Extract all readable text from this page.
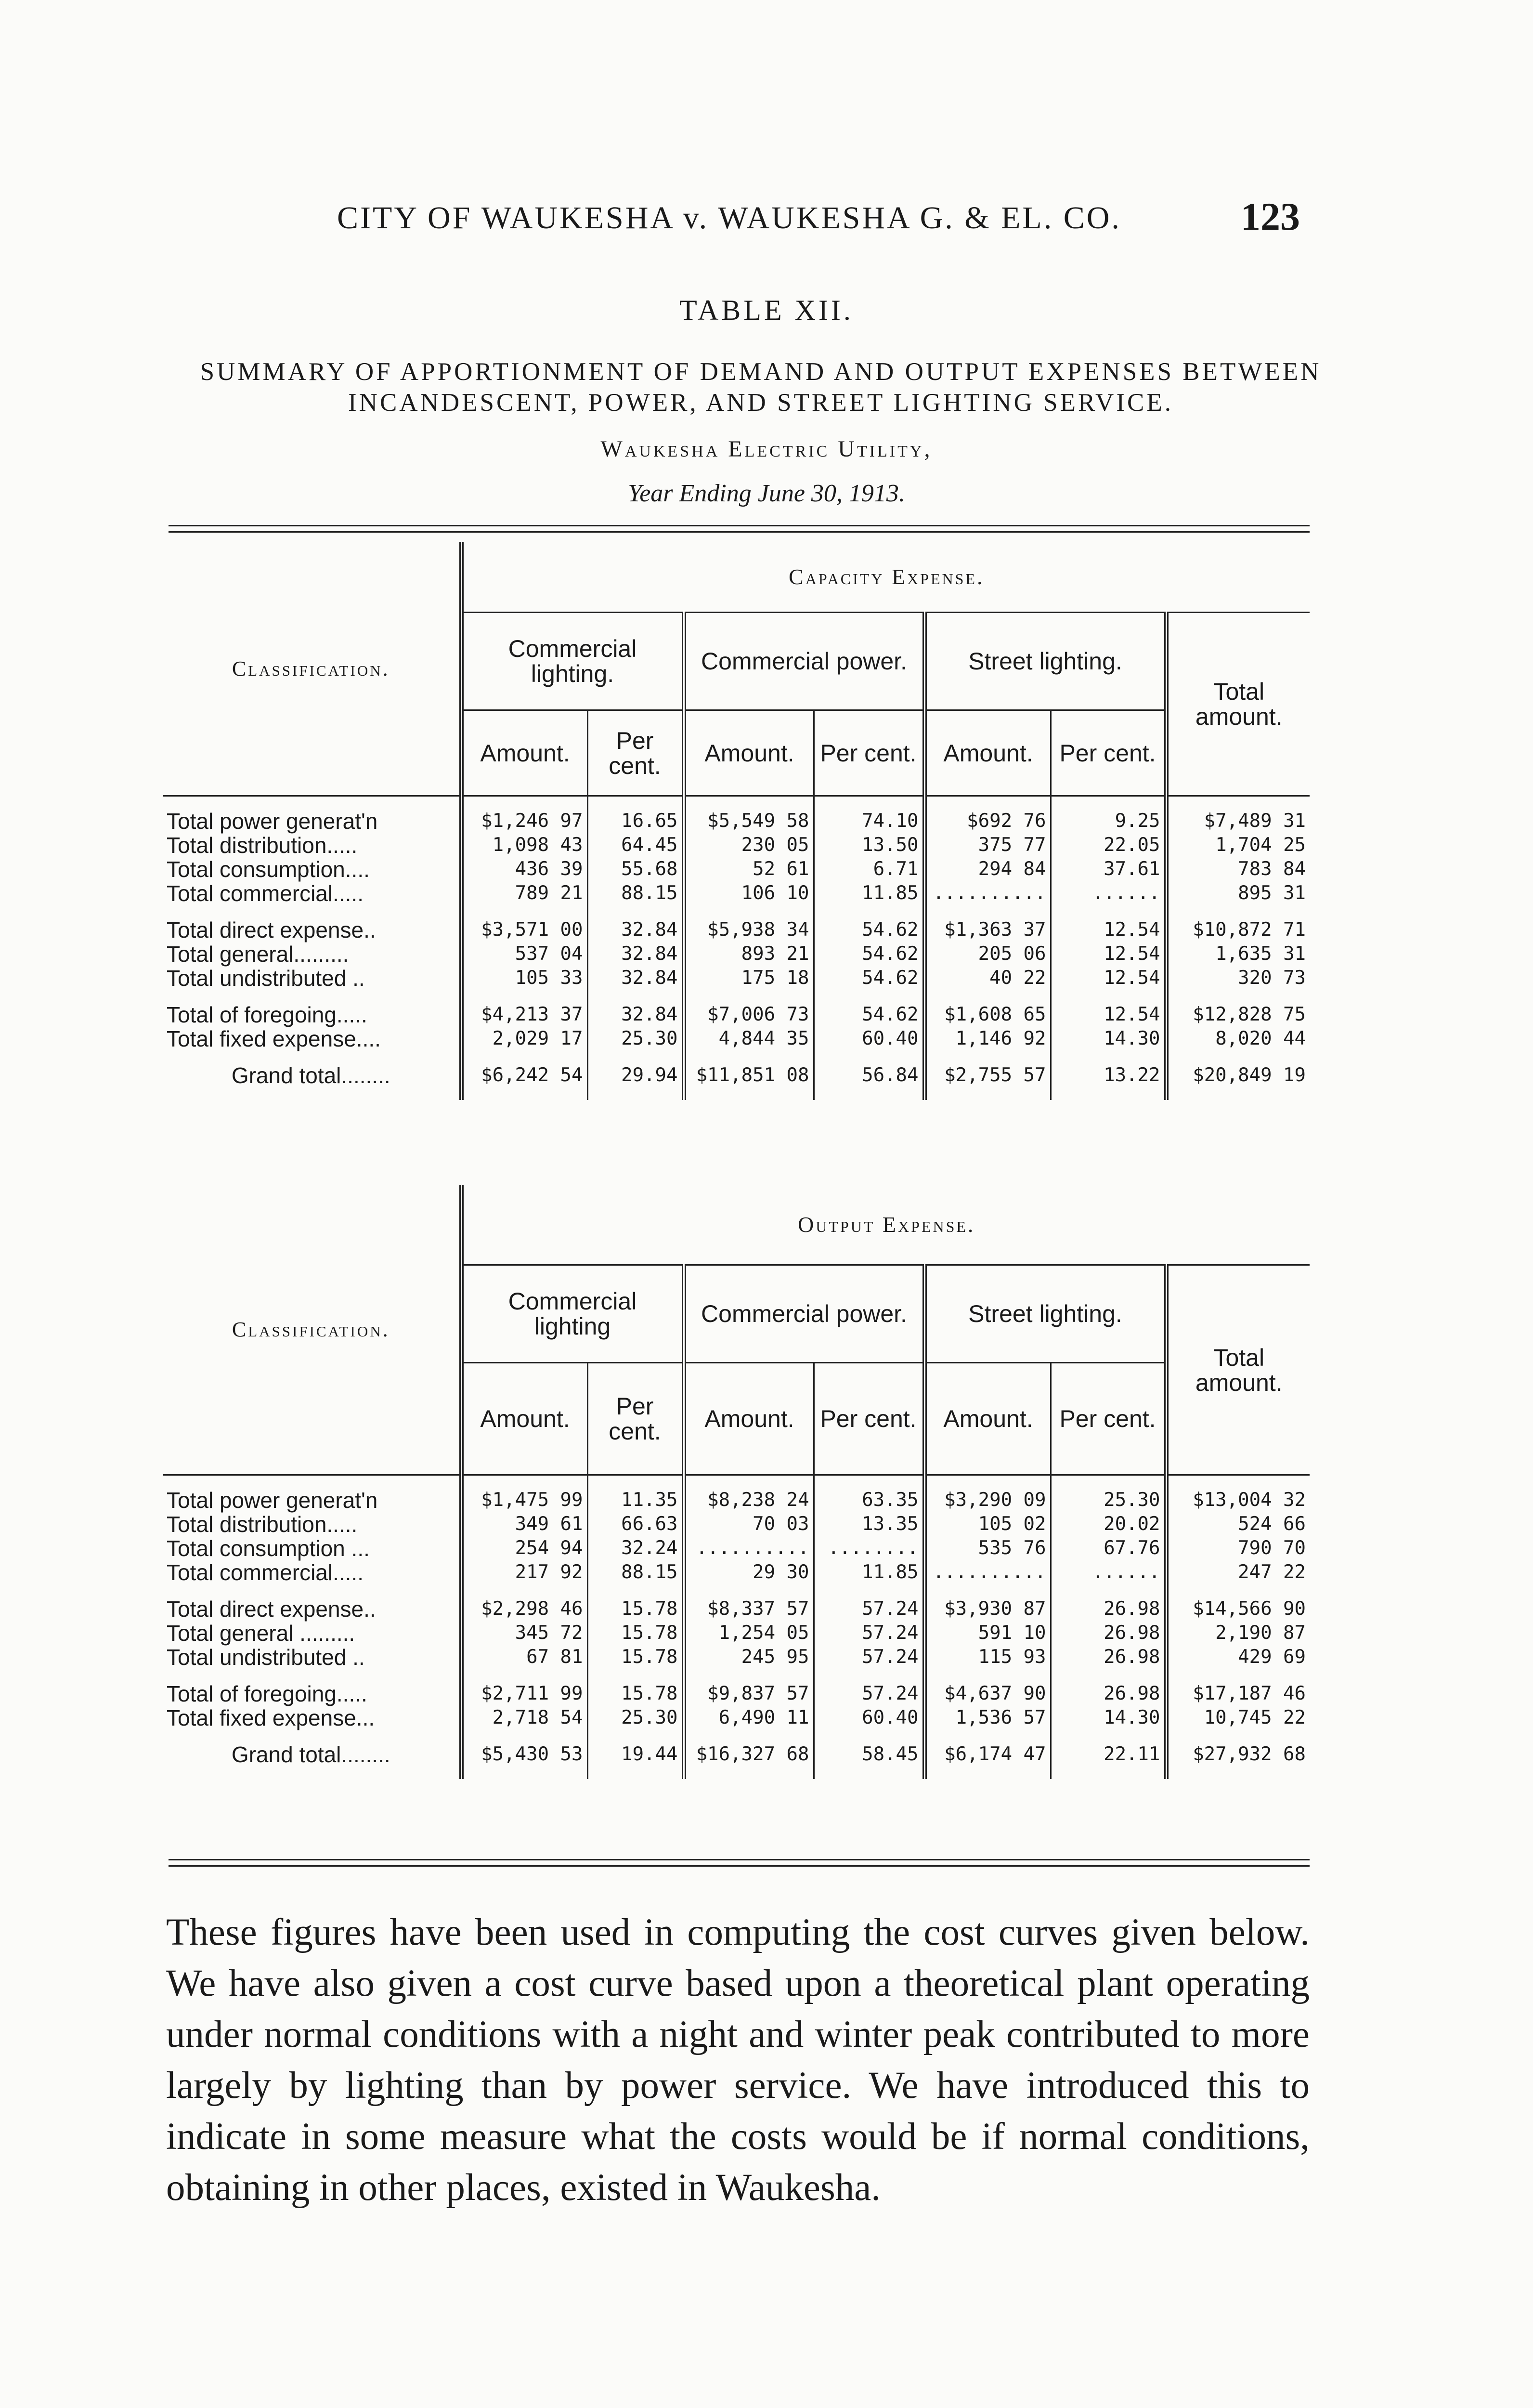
CITY OF WAUKESHA v. WAUKESHA G. & EL. CO.	123
TABLE XII.
SUMMARY OF APPORTIONMENT OF DEMAND AND OUTPUT EXPENSES BETWEEN INCANDESCENT, POWER, AND STREET LIGHTING SERVICE.
Waukesha Electric Utility,
Year Ending June 30, 1913.
Classification.	Capacity Expense.						
	Commercial lighting.		Commercial power.		Street lighting.		Total amount.
	Amount.	Per cent.	Amount.	Per cent.	Amount.	Per cent.	

Total power generat'n	$1,246 97	16.65	$5,549 58	74.10	$692 76	9.25	$7,489 31
Total distribution.....	1,098 43	64.45	230 05	13.50	375 77	22.05	1,704 25
Total consumption....	436 39	55.68	52 61	6.71	294 84	37.61	783 84
Total commercial.....	789 21	88.15	106 10	11.85	..........	......	895 31

Total direct expense..	$3,571 00	32.84	$5,938 34	54.62	$1,363 37	12.54	$10,872 71
Total general.........	537 04	32.84	893 21	54.62	205 06	12.54	1,635 31
Total undistributed ..	105 33	32.84	175 18	54.62	40 22	12.54	320 73

Total of foregoing.....	$4,213 37	32.84	$7,006 73	54.62	$1,608 65	12.54	$12,828 75
Total fixed expense....	2,029 17	25.30	4,844 35	60.40	1,146 92	14.30	8,020 44

Grand total........	$6,242 54	29.94	$11,851 08	56.84	$2,755 57	13.22	$20,849 19

Classification.	Output Expense.						
	Commercial
lighting		Commercial power.		Street lighting.		Total amount.
	Amount.	Per cent.	Amount.	Per cent.	Amount.	Per cent.	

Total power generat'n	$1,475 99	11.35	$8,238 24	63.35	$3,290 09	25.30	$13,004 32
Total distribution.....	349 61	66.63	70 03	13.35	105 02	20.02	524 66
Total consumption ...	254 94	32.24	..........	........	535 76	67.76	790 70
Total commercial.....	217 92	88.15	29 30	11.85	..........	......	247 22

Total direct expense..	$2,298 46	15.78	$8,337 57	57.24	$3,930 87	26.98	$14,566 90
Total general .........	345 72	15.78	1,254 05	57.24	591 10	26.98	2,190 87
Total undistributed ..	67 81	15.78	245 95	57.24	115 93	26.98	429 69

Total of foregoing.....	$2,711 99	15.78	$9,837 57	57.24	$4,637 90	26.98	$17,187 46
Total fixed expense...	2,718 54	25.30	6,490 11	60.40	1,536 57	14.30	10,745 22

Grand total........	$5,430 53	19.44	$16,327 68	58.45	$6,174 47	22.11	$27,932 68

These figures have been used in computing the cost curves given below. We have also given a cost curve based upon a theoretical plant operating under normal conditions with a night and winter peak contributed to more largely by lighting than by power service. We have introduced this to indicate in some measure what the costs would be if normal conditions, obtaining in other places, existed in Waukesha.
